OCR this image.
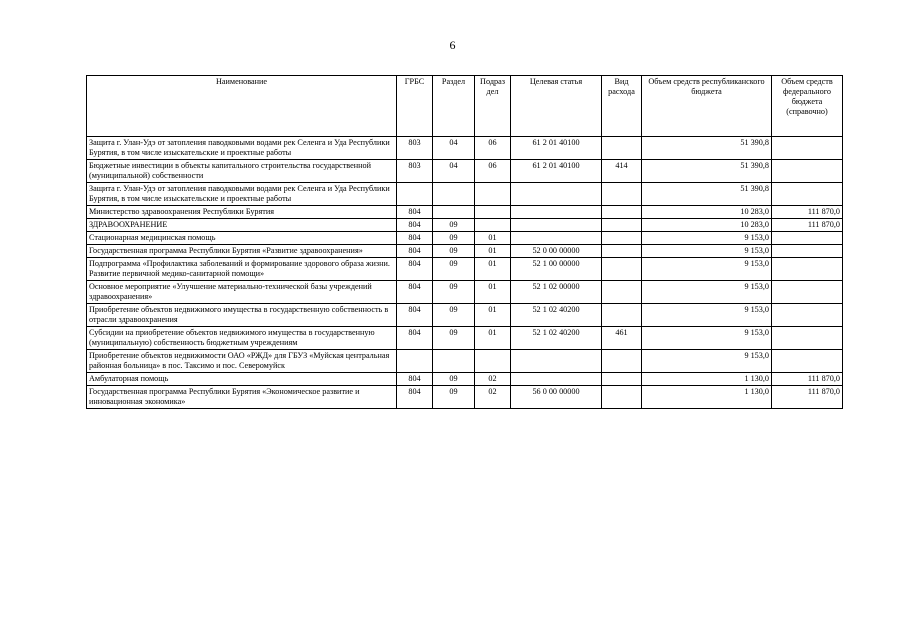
6
Наименование	ГРБС	Раздел	Подраз дел	Целевая статья	Вид расхода	Объем средств республиканского бюджета	Объем средств федерального бюджета (справочно)
Защита г. Улан-Удэ от затопления паводковыми водами рек Селенга и Уда Республики Бурятия, в том числе изыскательские и проектные работы	803	04	06	61 2 01 40100		51 390,8	
Бюджетные инвестиции в объекты капитального строительства государственной (муниципальной) собственности	803	04	06	61 2 01 40100	414	51 390,8	
Защита г. Улан-Удэ от затопления паводковыми водами рек Селенга и Уда Республики Бурятия, в том числе изыскательские и проектные работы						51 390,8	
Министерство здравоохранения Республики Бурятия	804					10 283,0	111 870,0
ЗДРАВООХРАНЕНИЕ	804	09				10 283,0	111 870,0
Стационарная медицинская помощь	804	09	01			9 153,0	
Государственная программа Республики Бурятия «Развитие здравоохранения»	804	09	01	52 0 00 00000		9 153,0	
Подпрограмма «Профилактика заболеваний и формирование здорового образа жизни. Развитие первичной медико-санитарной помощи»	804	09	01	52 1 00 00000		9 153,0	
Основное мероприятие «Улучшение материально-технической базы учреждений здравоохранения»	804	09	01	52 1 02 00000		9 153,0	
Приобретение объектов недвижимого имущества в государственную собственность в отрасли здравоохранения	804	09	01	52 1 02 40200		9 153,0	
Субсидии на приобретение объектов недвижимого имущества в государственную (муниципальную) собственность бюджетным учреждениям	804	09	01	52 1 02 40200	461	9 153,0	
Приобретение объектов недвижимости ОАО «РЖД» для ГБУЗ «Муйская центральная районная больница» в пос. Таксимо и пос. Северомуйск						9 153,0	
Амбулаторная помощь	804	09	02			1 130,0	111 870,0
Государственная программа Республики Бурятия «Экономическое развитие и инновационная экономика»	804	09	02	56 0 00 00000		1 130,0	111 870,0
